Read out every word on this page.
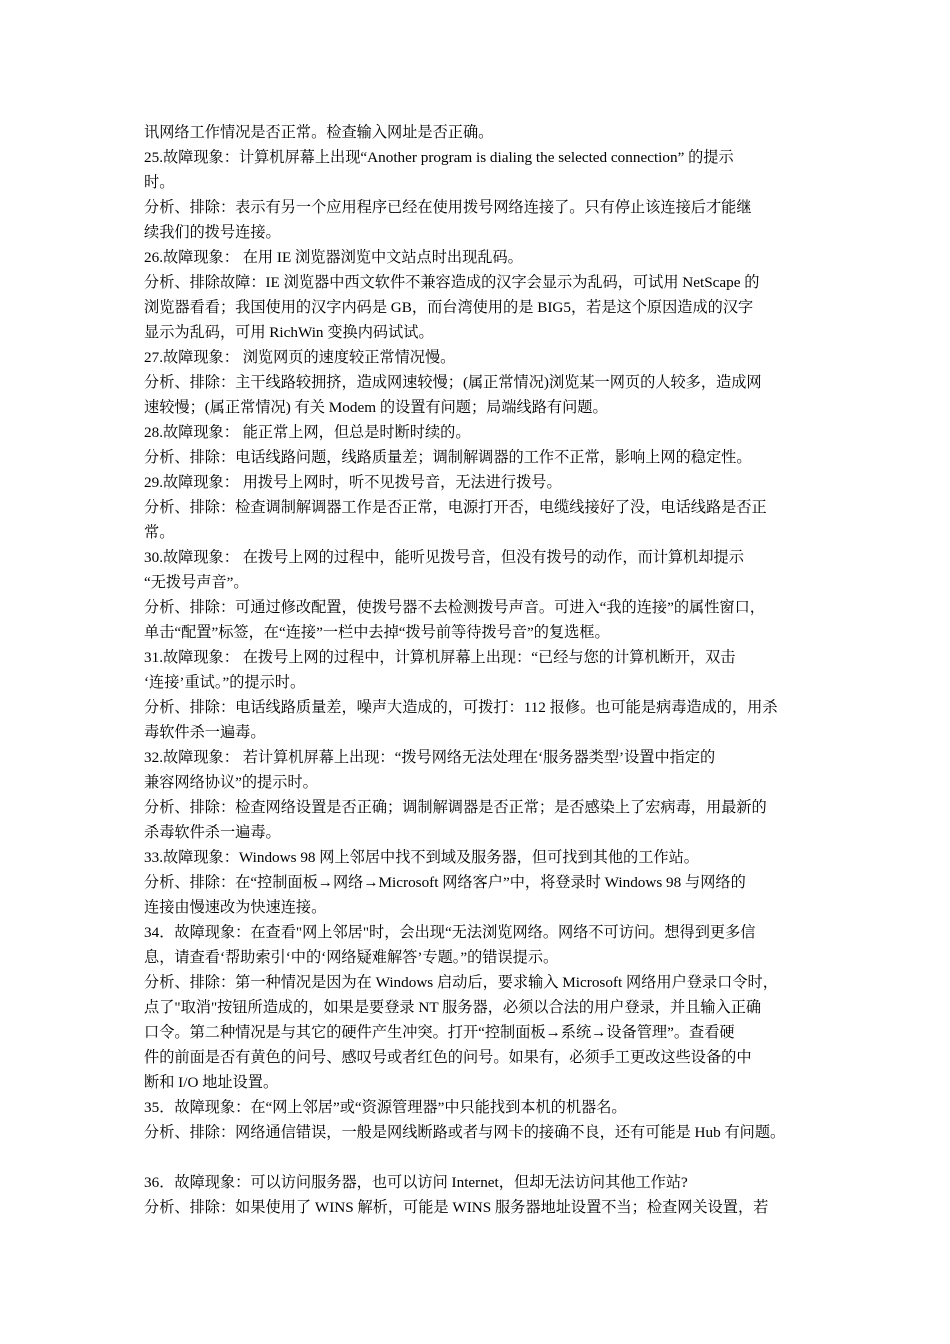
讯网络工作情况是否正常。检查输入网址是否正确。
25.故障现象：计算机屏幕上出现“Another program is dialing the selected connection” 的提示
时。
分析、排除：表示有另一个应用程序已经在使用拨号网络连接了。只有停止该连接后才能继
续我们的拨号连接。
26.故障现象： 在用 IE 浏览器浏览中文站点时出现乱码。
分析、排除故障：IE 浏览器中西文软件不兼容造成的汉字会显示为乱码，可试用 NetScape 的
浏览器看看；我国使用的汉字内码是 GB，而台湾使用的是 BIG5，若是这个原因造成的汉字
显示为乱码，可用 RichWin 变换内码试试。
27.故障现象： 浏览网页的速度较正常情况慢。
分析、排除：主干线路较拥挤，造成网速较慢；(属正常情况)浏览某一网页的人较多，造成网
速较慢；(属正常情况) 有关 Modem 的设置有问题；局端线路有问题。
28.故障现象： 能正常上网，但总是时断时续的。
分析、排除：电话线路问题，线路质量差；调制解调器的工作不正常，影响上网的稳定性。
29.故障现象： 用拨号上网时，听不见拨号音，无法进行拨号。
分析、排除：检查调制解调器工作是否正常，电源打开否，电缆线接好了没，电话线路是否正
常。
30.故障现象： 在拨号上网的过程中，能听见拨号音，但没有拨号的动作，而计算机却提示
“无拨号声音”。
分析、排除：可通过修改配置，使拨号器不去检测拨号声音。可进入“我的连接”的属性窗口，
单击“配置”标签，在“连接”一栏中去掉“拨号前等待拨号音”的复选框。
31.故障现象： 在拨号上网的过程中，计算机屏幕上出现：“已经与您的计算机断开，双击
‘连接’重试。”的提示时。
分析、排除：电话线路质量差，噪声大造成的，可拨打：112 报修。也可能是病毒造成的，用杀
毒软件杀一遍毒。
32.故障现象： 若计算机屏幕上出现：“拨号网络无法处理在‘服务器类型’设置中指定的
兼容网络协议”的提示时。
分析、排除：检查网络设置是否正确；调制解调器是否正常；是否感染上了宏病毒，用最新的
杀毒软件杀一遍毒。
33.故障现象：Windows 98 网上邻居中找不到域及服务器，但可找到其他的工作站。
分析、排除：在“控制面板→网络→Microsoft 网络客户”中，将登录时 Windows 98 与网络的
连接由慢速改为快速连接。
34．故障现象：在查看"网上邻居"时，会出现“无法浏览网络。网络不可访问。想得到更多信
息，请查看‘帮助索引‘中的‘网络疑难解答’专题。”的错误提示。
分析、排除：第一种情况是因为在 Windows 启动后，要求输入 Microsoft 网络用户登录口令时，
点了"取消"按钮所造成的，如果是要登录 NT 服务器，必须以合法的用户登录，并且输入正确
口令。第二种情况是与其它的硬件产生冲突。打开“控制面板→系统→设备管理”。查看硬
件的前面是否有黄色的问号、感叹号或者红色的问号。如果有，必须手工更改这些设备的中
断和 I/O 地址设置。
35．故障现象：在“网上邻居”或“资源管理器”中只能找到本机的机器名。
分析、排除：网络通信错误，一般是网线断路或者与网卡的接确不良，还有可能是 Hub 有问题。
36．故障现象：可以访问服务器，也可以访问 Internet，但却无法访问其他工作站?
分析、排除：如果使用了 WINS 解析，可能是 WINS 服务器地址设置不当；检查网关设置，若
